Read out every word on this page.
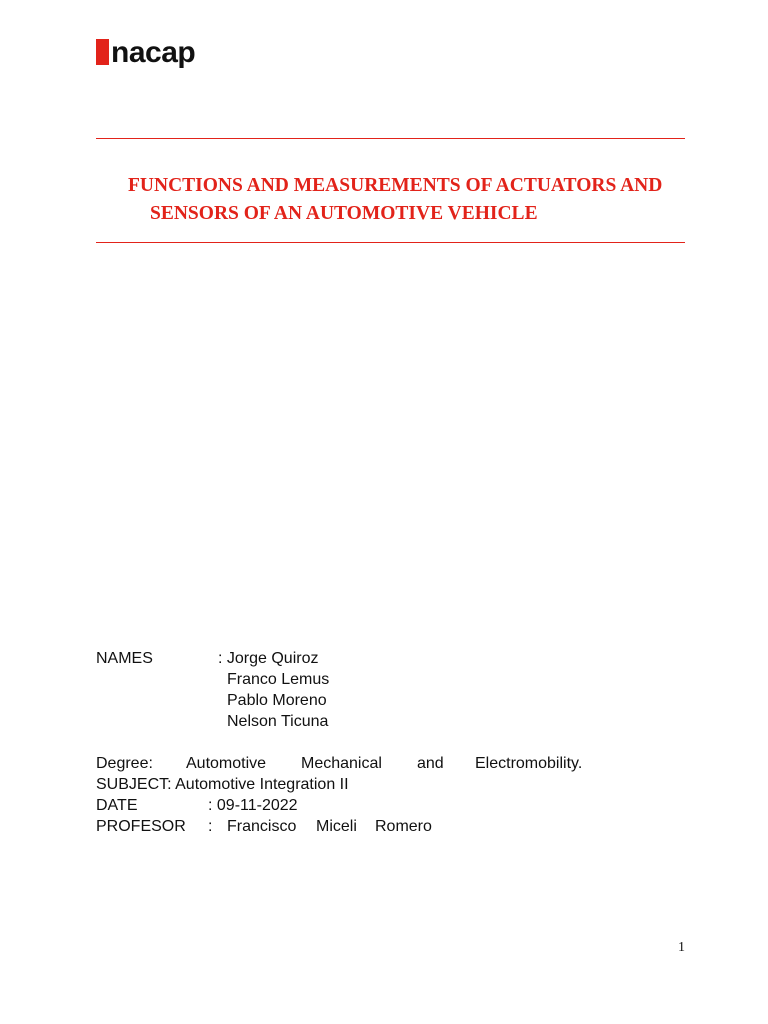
nacap
FUNCTIONS AND MEASUREMENTS OF ACTUATORS AND
SENSORS OF AN AUTOMOTIVE VEHICLE
NAMES	: Jorge Quiroz
Franco Lemus
Pablo Moreno
Nelson Ticuna
Degree: Automotive Mechanical and Electromobility.
SUBJECT: Automotive Integration II
DATE	: 09-11-2022
PROFESOR : Francisco Miceli Romero
1
